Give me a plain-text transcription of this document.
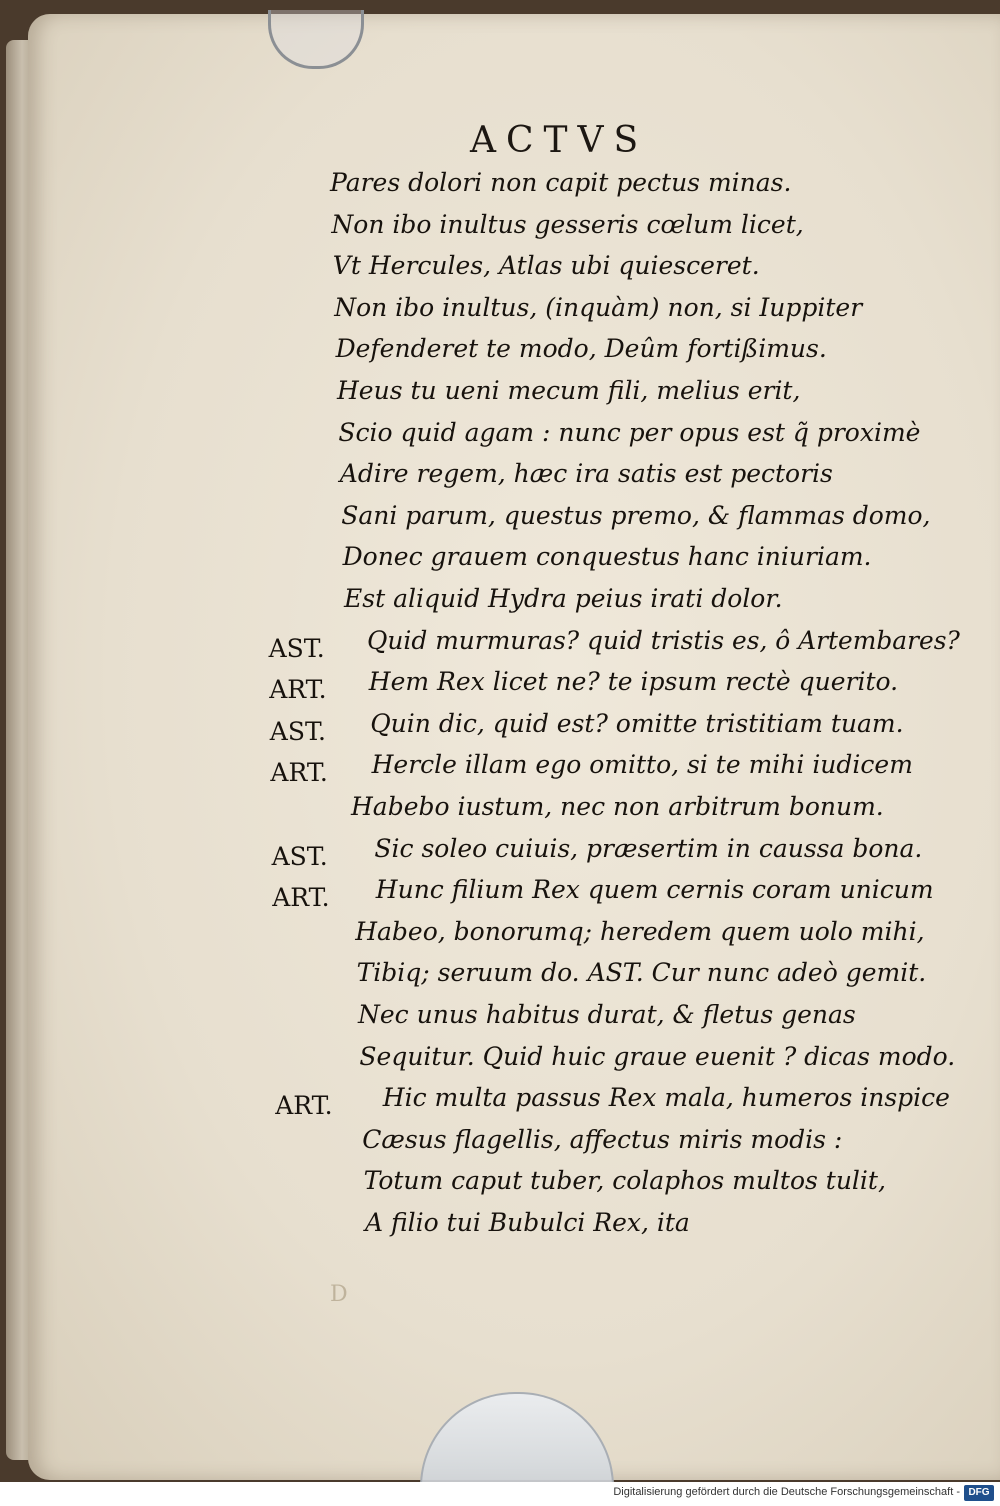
ACTVS
Pares dolori non capit pectus minas.
Non ibo inultus gesseris cœlum licet,
Vt Hercules, Atlas ubi quiesceret.
Non ibo inultus, (inquàm) non, si Iuppiter
Defenderet te modo, Deûm fortißimus.
Heus tu ueni mecum fili, melius erit,
Scio quid agam : nunc per opus est q̃ proximè
Adire regem, hæc ira satis est pectoris
Sani parum, questus premo, & flammas domo,
Donec grauem conquestus hanc iniuriam.
Est aliquid Hydra peius irati dolor.
AST. Quid murmuras? quid tristis es, ô Artembares?
ART. Hem Rex licet ne? te ipsum rectè querito.
AST. Quin dic, quid est? omitte tristitiam tuam.
ART. Hercle illam ego omitto, si te mihi iudicem
Habebo iustum, nec non arbitrum bonum.
AST. Sic soleo cuiuis, præsertim in caussa bona.
ART. Hunc filium Rex quem cernis coram unicum
Habeo, bonorumq; heredem quem uolo mihi,
Tibiq; seruum do. AST. Cur nunc adeò gemit.
Nec unus habitus durat, & fletus genas
Sequitur. Quid huic graue euenit ? dicas modo.
ART. Hic multa passus Rex mala, humeros inspice
Cæsus flagellis, affectus miris modis :
Totum caput tuber, colaphos multos tulit,
A filio tui Bubulci Rex, ita
D
Digitalisierung gefördert durch die Deutsche Forschungsgemeinschaft - DFG
